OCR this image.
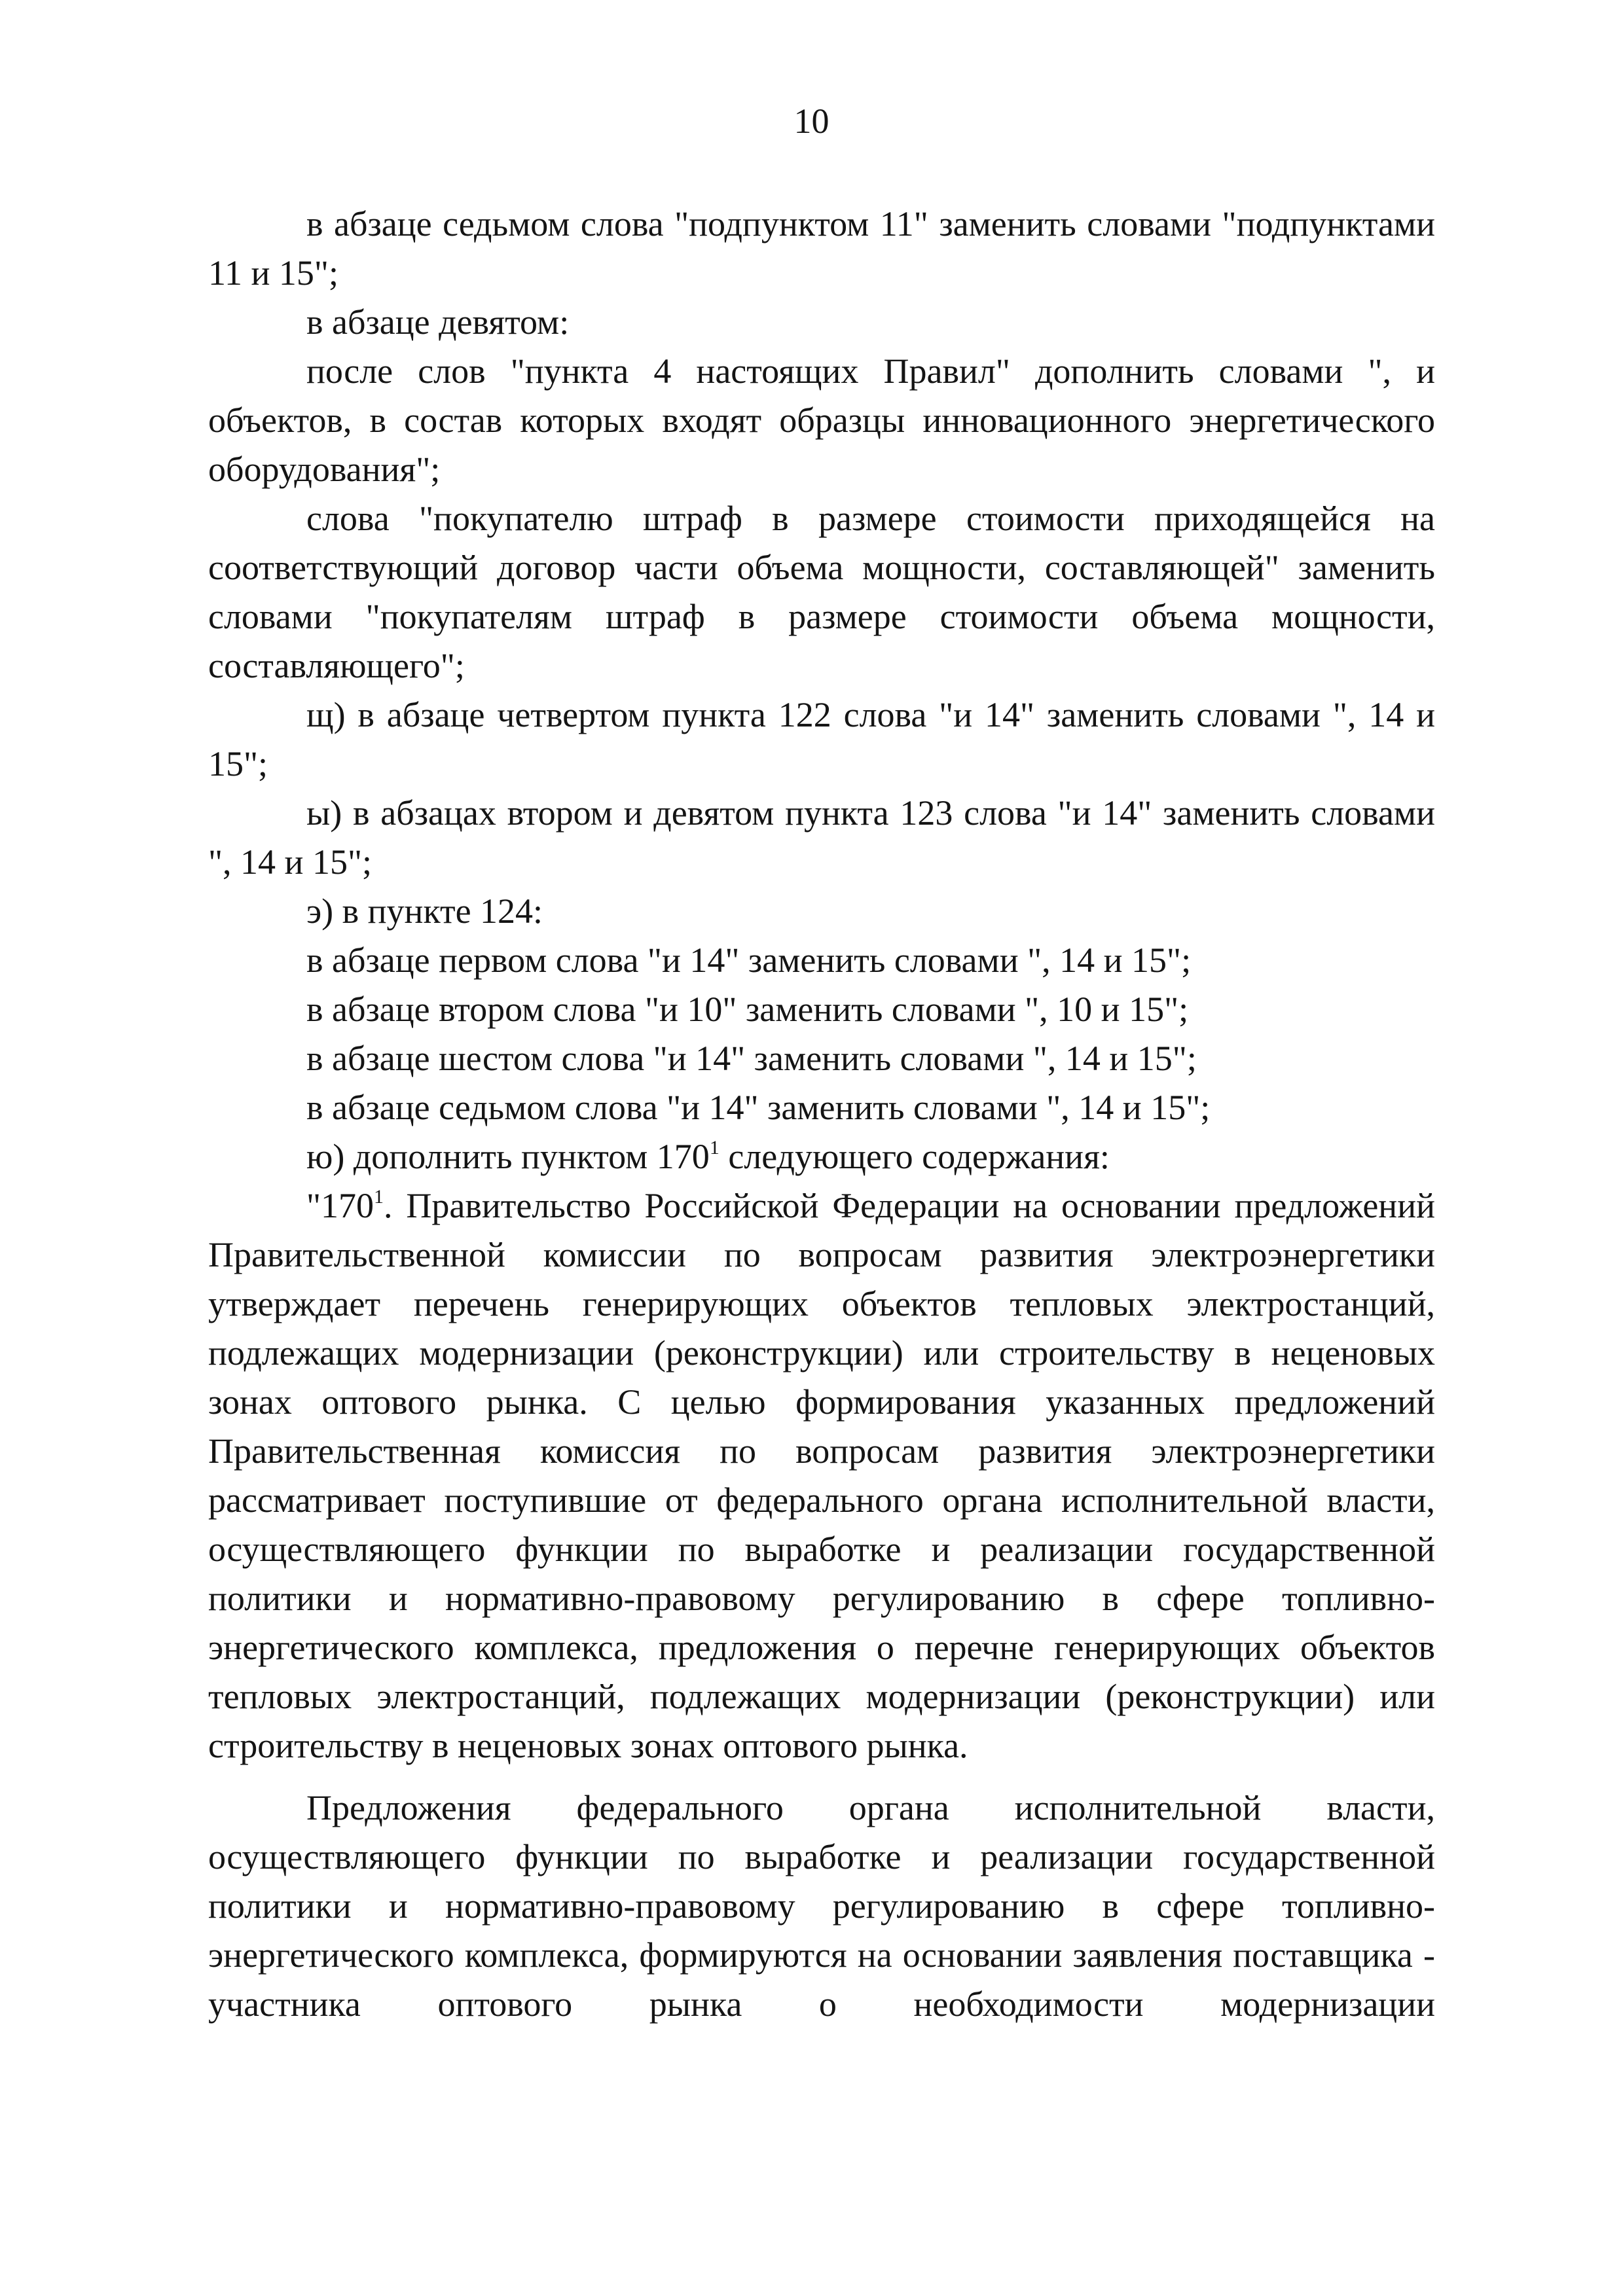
10

в абзаце седьмом слова "подпунктом 11" заменить словами "подпунктами 11 и 15";

в абзаце девятом:

после слов "пункта 4 настоящих Правил" дополнить словами ", и объектов, в состав которых входят образцы инновационного энергетического оборудования";

слова "покупателю штраф в размере стоимости приходящейся на соответствующий договор части объема мощности, составляющей" заменить словами "покупателям штраф в размере стоимости объема мощности, составляющего";

щ) в абзаце четвертом пункта 122 слова "и 14" заменить словами ", 14 и 15";

ы) в абзацах втором и девятом пункта 123 слова "и 14" заменить словами ", 14 и 15";

э) в пункте 124:

в абзаце первом слова "и 14" заменить словами ", 14 и 15";

в абзаце втором слова "и 10" заменить словами ", 10 и 15";

в абзаце шестом слова "и 14" заменить словами ", 14 и 15";

в абзаце седьмом слова "и 14" заменить словами ", 14 и 15";

ю) дополнить пунктом $170^1$ следующего содержания:

"$170^1$. Правительство Российской Федерации на основании предложений Правительственной комиссии по вопросам развития электроэнергетики утверждает перечень генерирующих объектов тепловых электростанций, подлежащих модернизации (реконструкции) или строительству в неценовых зонах оптового рынка. С целью формирования указанных предложений Правительственная комиссия по вопросам развития электроэнергетики рассматривает поступившие от федерального органа исполнительной власти, осуществляющего функции по выработке и реализации государственной политики и нормативно-правовому регулированию в сфере топливно-энергетического комплекса, предложения о перечне генерирующих объектов тепловых электростанций, подлежащих модернизации (реконструкции) или строительству в неценовых зонах оптового рынка.

Предложения федерального органа исполнительной власти, осуществляющего функции по выработке и реализации государственной политики и нормативно-правовому регулированию в сфере топливно-энергетического комплекса, формируются на основании заявления поставщика - участника оптового рынка о необходимости модернизации
